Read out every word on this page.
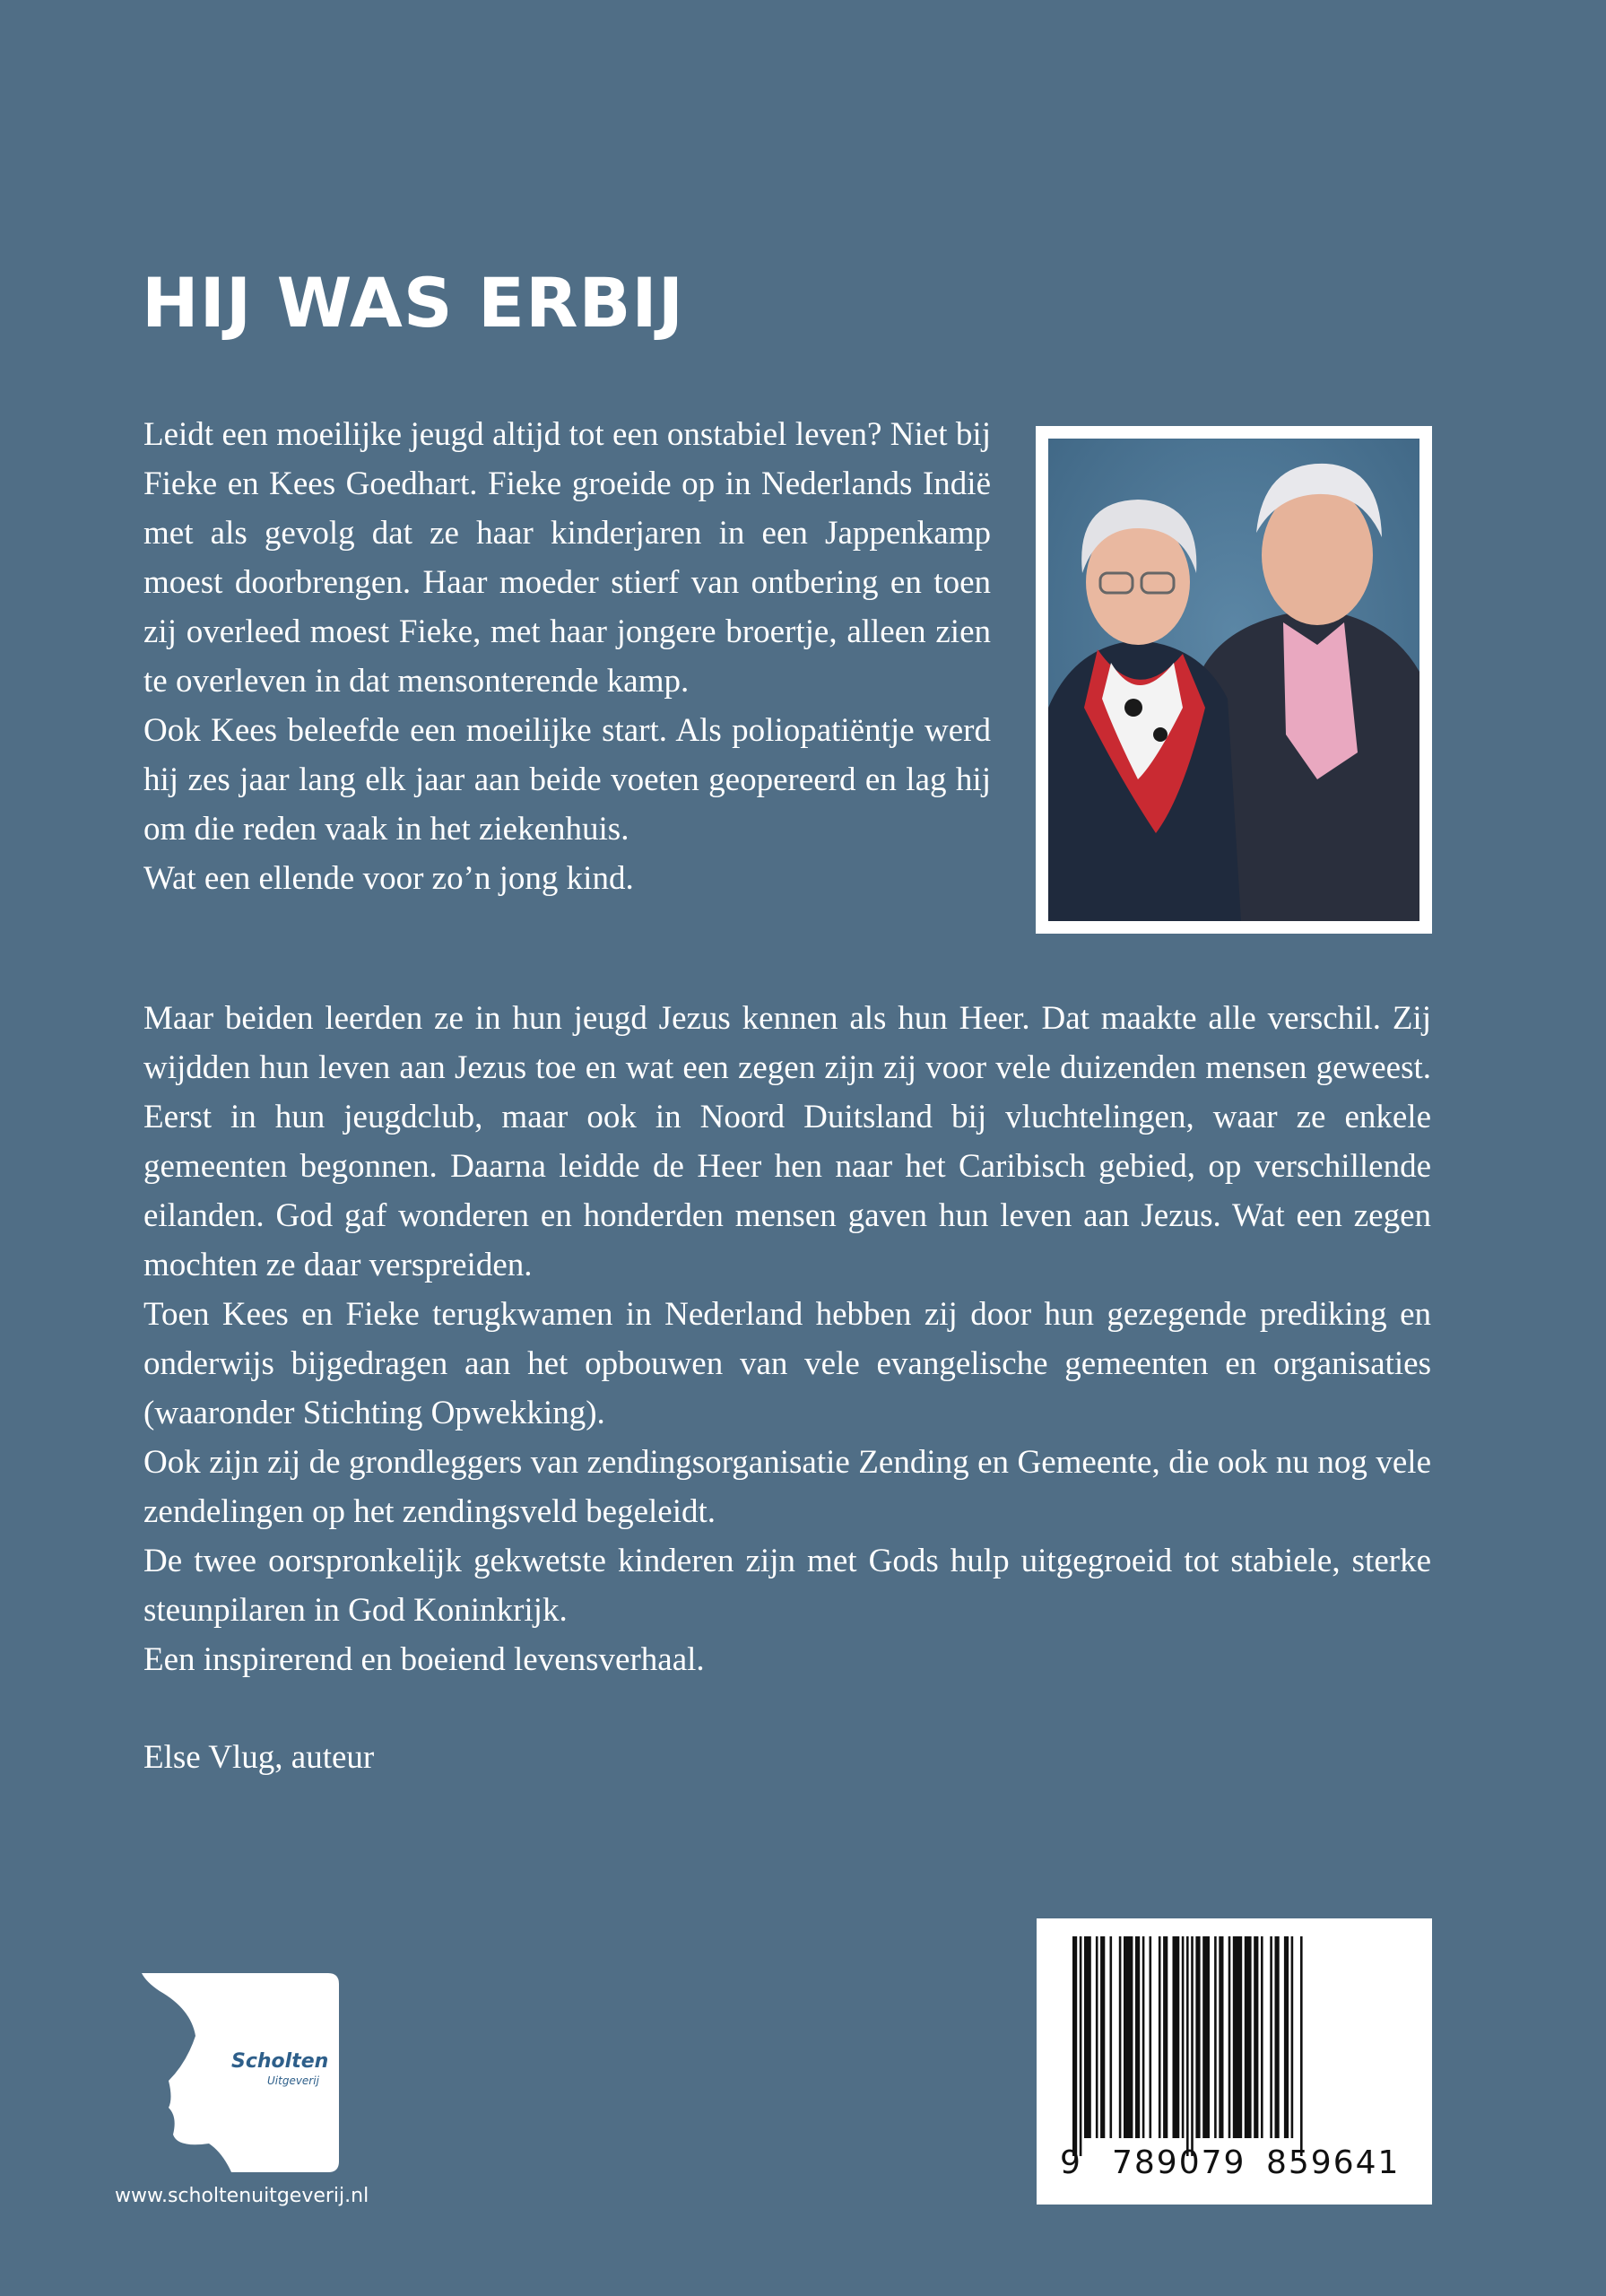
HIJ WAS ERBIJ

Leidt een moeilijke jeugd altijd tot een onstabiel leven? Niet bij Fieke en Kees Goedhart. Fieke groeide op in Nederlands Indië met als gevolg dat ze haar kinderjaren in een Jappenkamp moest doorbrengen. Haar moeder stierf van ontbering en toen zij overleed moest Fieke, met haar jongere broertje, alleen zien te overleven in dat mensonterende kamp.

Ook Kees beleefde een moeilijke start. Als poliopatiëntje werd hij zes jaar lang elk jaar aan beide voeten geopereerd en lag hij om die reden vaak in het ziekenhuis.

Wat een ellende voor zo’n jong kind.

Maar beiden leerden ze in hun jeugd Jezus kennen als hun Heer. Dat maakte alle verschil. Zij wijdden hun leven aan Jezus toe en wat een zegen zijn zij voor vele duizenden mensen geweest. Eerst in hun jeugdclub, maar ook in Noord Duitsland bij vluchtelingen, waar ze enkele gemeenten begonnen. Daarna leidde de Heer hen naar het Caribisch gebied, op verschillende eilanden. God gaf wonderen en honderden mensen gaven hun leven aan Jezus. Wat een zegen mochten ze daar verspreiden.

Toen Kees en Fieke terugkwamen in Nederland hebben zij door hun gezegende prediking en onderwijs bijgedragen aan het opbouwen van vele evangelische gemeenten en organisaties (waaronder Stichting Opwekking).

Ook zijn zij de grondleggers van zendingsorganisatie Zending en Gemeente, die ook nu nog vele zendelingen op het zendingsveld begeleidt.

De twee oorspronkelijk gekwetste kinderen zijn met Gods hulp uitgegroeid tot stabiele, sterke steunpilaren in God Koninkrijk.

Een inspirerend en boeiend levensverhaal.

Else Vlug, auteur

Scholten
Uitgeverij
www.scholtenuitgeverij.nl
9 789079 859641
